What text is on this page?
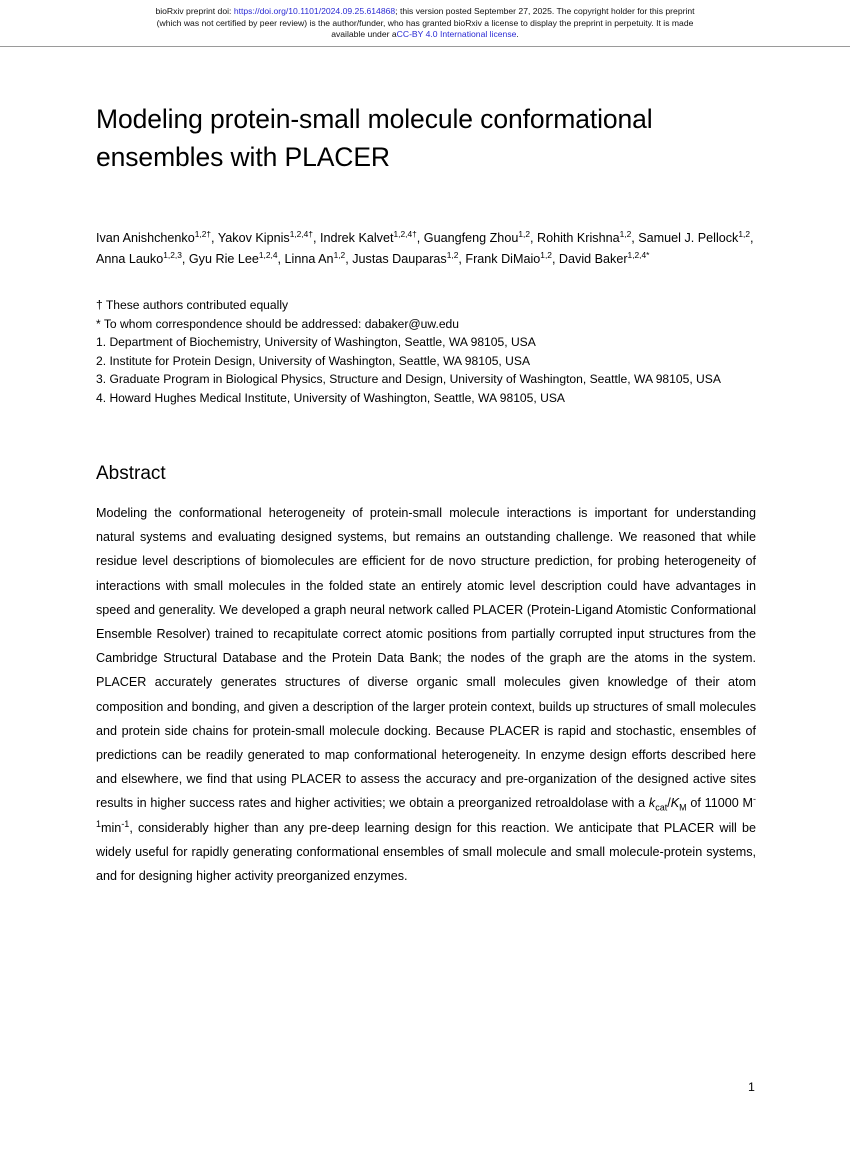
bioRxiv preprint doi: https://doi.org/10.1101/2024.09.25.614868; this version posted September 27, 2025. The copyright holder for this preprint
(which was not certified by peer review) is the author/funder, who has granted bioRxiv a license to display the preprint in perpetuity. It is made
available under aCC-BY 4.0 International license.
Modeling protein-small molecule conformational ensembles with PLACER
Ivan Anishchenko$^{1,2\dagger}$, Yakov Kipnis$^{1,2,4\dagger}$, Indrek Kalvet$^{1,2,4\dagger}$, Guangfeng Zhou$^{1,2}$, Rohith Krishna$^{1,2}$, Samuel J. Pellock$^{1,2}$, Anna Lauko$^{1,2,3}$, Gyu Rie Lee$^{1,2,4}$, Linna An$^{1,2}$, Justas Dauparas$^{1,2}$, Frank DiMaio$^{1,2}$, David Baker$^{1,2,4*}$
† These authors contributed equally
* To whom correspondence should be addressed: dabaker@uw.edu
1. Department of Biochemistry, University of Washington, Seattle, WA 98105, USA
2. Institute for Protein Design, University of Washington, Seattle, WA 98105, USA
3. Graduate Program in Biological Physics, Structure and Design, University of Washington, Seattle, WA 98105, USA
4. Howard Hughes Medical Institute, University of Washington, Seattle, WA 98105, USA
Abstract
Modeling the conformational heterogeneity of protein-small molecule interactions is important for understanding natural systems and evaluating designed systems, but remains an outstanding challenge. We reasoned that while residue level descriptions of biomolecules are efficient for de novo structure prediction, for probing heterogeneity of interactions with small molecules in the folded state an entirely atomic level description could have advantages in speed and generality. We developed a graph neural network called PLACER (Protein-Ligand Atomistic Conformational Ensemble Resolver) trained to recapitulate correct atomic positions from partially corrupted input structures from the Cambridge Structural Database and the Protein Data Bank; the nodes of the graph are the atoms in the system. PLACER accurately generates structures of diverse organic small molecules given knowledge of their atom composition and bonding, and given a description of the larger protein context, builds up structures of small molecules and protein side chains for protein-small molecule docking. Because PLACER is rapid and stochastic, ensembles of predictions can be readily generated to map conformational heterogeneity. In enzyme design efforts described here and elsewhere, we find that using PLACER to assess the accuracy and pre-organization of the designed active sites results in higher success rates and higher activities; we obtain a preorganized retroaldolase with a $k_{cat}/K_M$ of 11000 $M^{-1}\min^{-1}$, considerably higher than any pre-deep learning design for this reaction. We anticipate that PLACER will be widely useful for rapidly generating conformational ensembles of small molecule and small molecule-protein systems, and for designing higher activity preorganized enzymes.
1
